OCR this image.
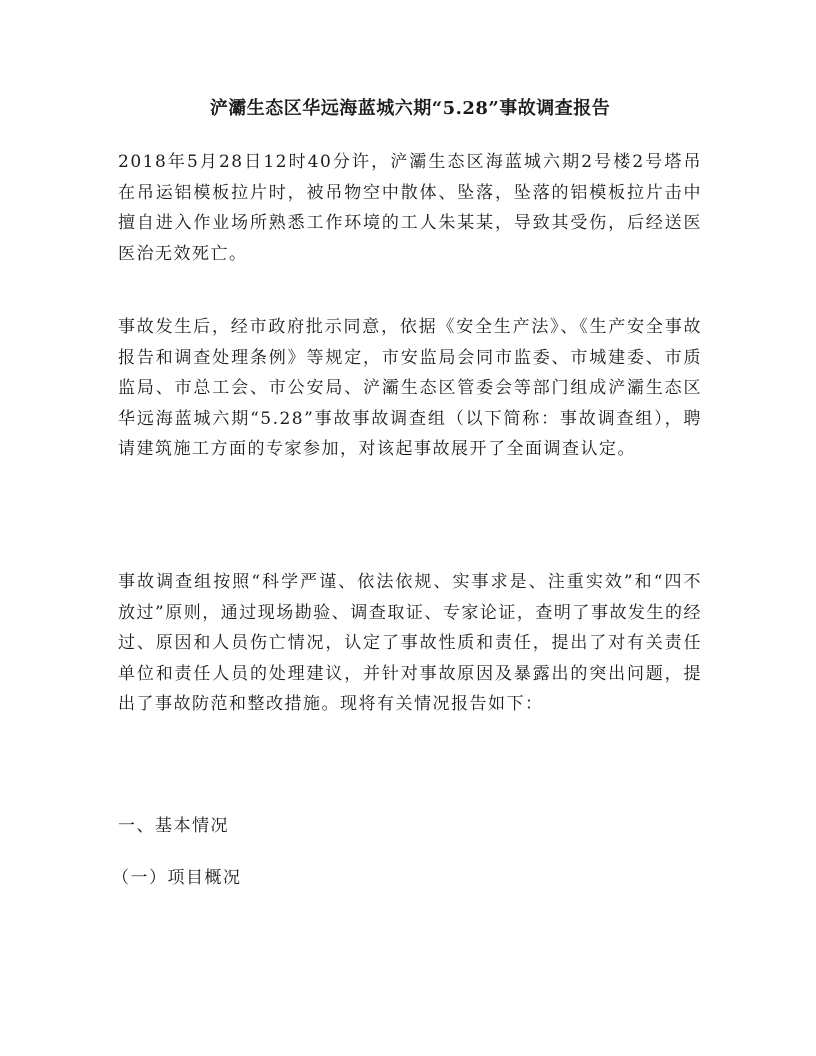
浐灞生态区华远海蓝城六期“5.28”事故调查报告

2018年5月28日12时40分许，浐灞生态区海蓝城六期2号楼2号塔吊在吊运铝模板拉片时，被吊物空中散体、坠落，坠落的铝模板拉片击中擅自进入作业场所熟悉工作环境的工人朱某某，导致其受伤，后经送医医治无效死亡。

事故发生后，经市政府批示同意，依据《安全生产法》、《生产安全事故报告和调查处理条例》等规定，市安监局会同市监委、市城建委、市质监局、市总工会、市公安局、浐灞生态区管委会等部门组成浐灞生态区华远海蓝城六期“5.28”事故事故调查组（以下简称：事故调查组），聘请建筑施工方面的专家参加，对该起事故展开了全面调查认定。

事故调查组按照“科学严谨、依法依规、实事求是、注重实效”和“四不放过”原则，通过现场勘验、调查取证、专家论证，查明了事故发生的经过、原因和人员伤亡情况，认定了事故性质和责任，提出了对有关责任单位和责任人员的处理建议，并针对事故原因及暴露出的突出问题，提出了事故防范和整改措施。现将有关情况报告如下：

一、基本情况

（一）项目概况
